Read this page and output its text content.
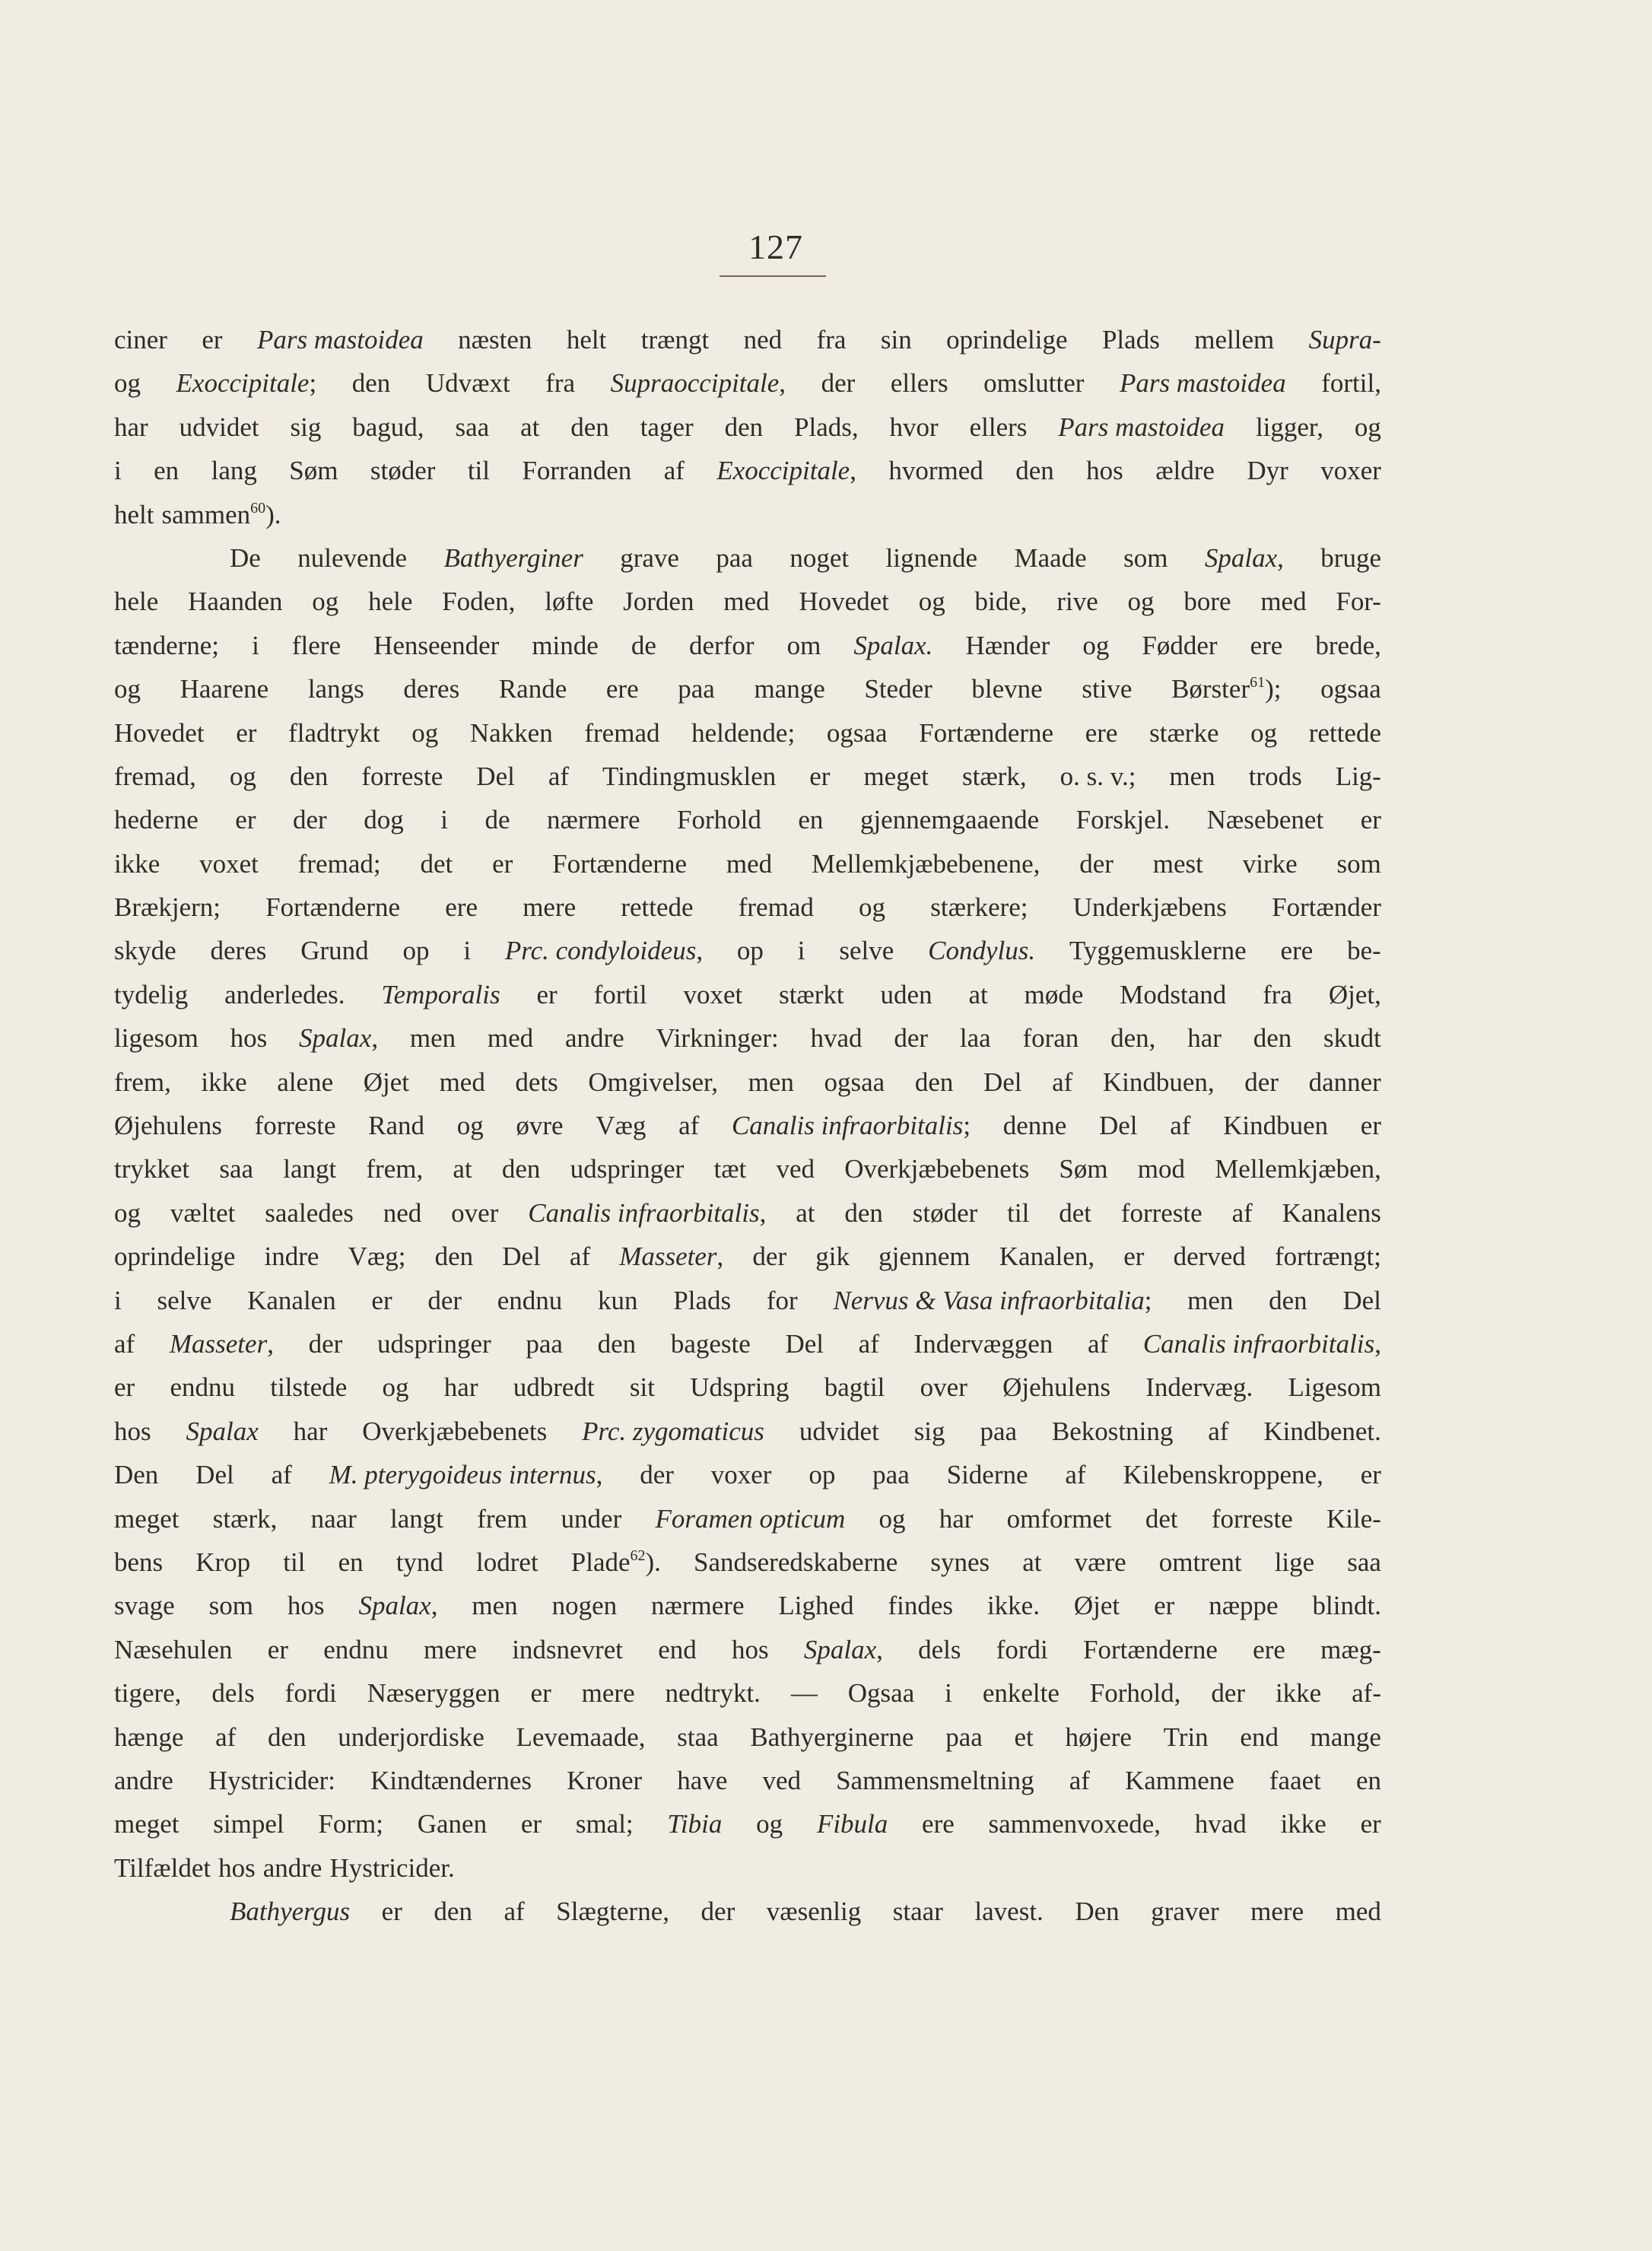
127
ciner er Pars mastoidea næsten helt trængt ned fra sin oprindelige Plads mellem Supra-
og Exoccipitale; den Udvæxt fra Supraoccipitale, der ellers omslutter Pars mastoidea fortil,
har udvidet sig bagud, saa at den tager den Plads, hvor ellers Pars mastoidea ligger, og
i en lang Søm støder til Forranden af Exoccipitale, hvormed den hos ældre Dyr voxer
helt sammen$^{60}$).
De nulevende Bathyerginer grave paa noget lignende Maade som Spalax, bruge
hele Haanden og hele Foden, løfte Jorden med Hovedet og bide, rive og bore med For-
tænderne; i flere Henseender minde de derfor om Spalax. Hænder og Fødder ere brede,
og Haarene langs deres Rande ere paa mange Steder blevne stive Børster$^{61}$); ogsaa
Hovedet er fladtrykt og Nakken fremad heldende; ogsaa Fortænderne ere stærke og rettede
fremad, og den forreste Del af Tindingmusklen er meget stærk, o. s. v.; men trods Lig-
hederne er der dog i de nærmere Forhold en gjennemgaaende Forskjel. Næsebenet er
ikke voxet fremad; det er Fortænderne med Mellemkjæbebenene, der mest virke som
Brækjern; Fortænderne ere mere rettede fremad og stærkere; Underkjæbens Fortænder
skyde deres Grund op i Prc. condyloideus, op i selve Condylus. Tyggemusklerne ere be-
tydelig anderledes. Temporalis er fortil voxet stærkt uden at møde Modstand fra Øjet,
ligesom hos Spalax, men med andre Virkninger: hvad der laa foran den, har den skudt
frem, ikke alene Øjet med dets Omgivelser, men ogsaa den Del af Kindbuen, der danner
Øjehulens forreste Rand og øvre Væg af Canalis infraorbitalis; denne Del af Kindbuen er
trykket saa langt frem, at den udspringer tæt ved Overkjæbebenets Søm mod Mellemkjæben,
og væltet saaledes ned over Canalis infraorbitalis, at den støder til det forreste af Kanalens
oprindelige indre Væg; den Del af Masseter, der gik gjennem Kanalen, er derved fortrængt;
i selve Kanalen er der endnu kun Plads for Nervus & Vasa infraorbitalia; men den Del
af Masseter, der udspringer paa den bageste Del af Indervæggen af Canalis infraorbitalis,
er endnu tilstede og har udbredt sit Udspring bagtil over Øjehulens Indervæg. Ligesom
hos Spalax har Overkjæbebenets Prc. zygomaticus udvidet sig paa Bekostning af Kindbenet.
Den Del af M. pterygoideus internus, der voxer op paa Siderne af Kilebenskroppene, er
meget stærk, naar langt frem under Foramen opticum og har omformet det forreste Kile-
bens Krop til en tynd lodret Plade$^{62}$). Sandseredskaberne synes at være omtrent lige saa
svage som hos Spalax, men nogen nærmere Lighed findes ikke. Øjet er næppe blindt.
Næsehulen er endnu mere indsnevret end hos Spalax, dels fordi Fortænderne ere mæg-
tigere, dels fordi Næseryggen er mere nedtrykt. — Ogsaa i enkelte Forhold, der ikke af-
hænge af den underjordiske Levemaade, staa Bathyerginerne paa et højere Trin end mange
andre Hystricider: Kindtændernes Kroner have ved Sammensmeltning af Kammene faaet en
meget simpel Form; Ganen er smal; Tibia og Fibula ere sammenvoxede, hvad ikke er
Tilfældet hos andre Hystricider.
Bathyergus er den af Slægterne, der væsenlig staar lavest. Den graver mere med
